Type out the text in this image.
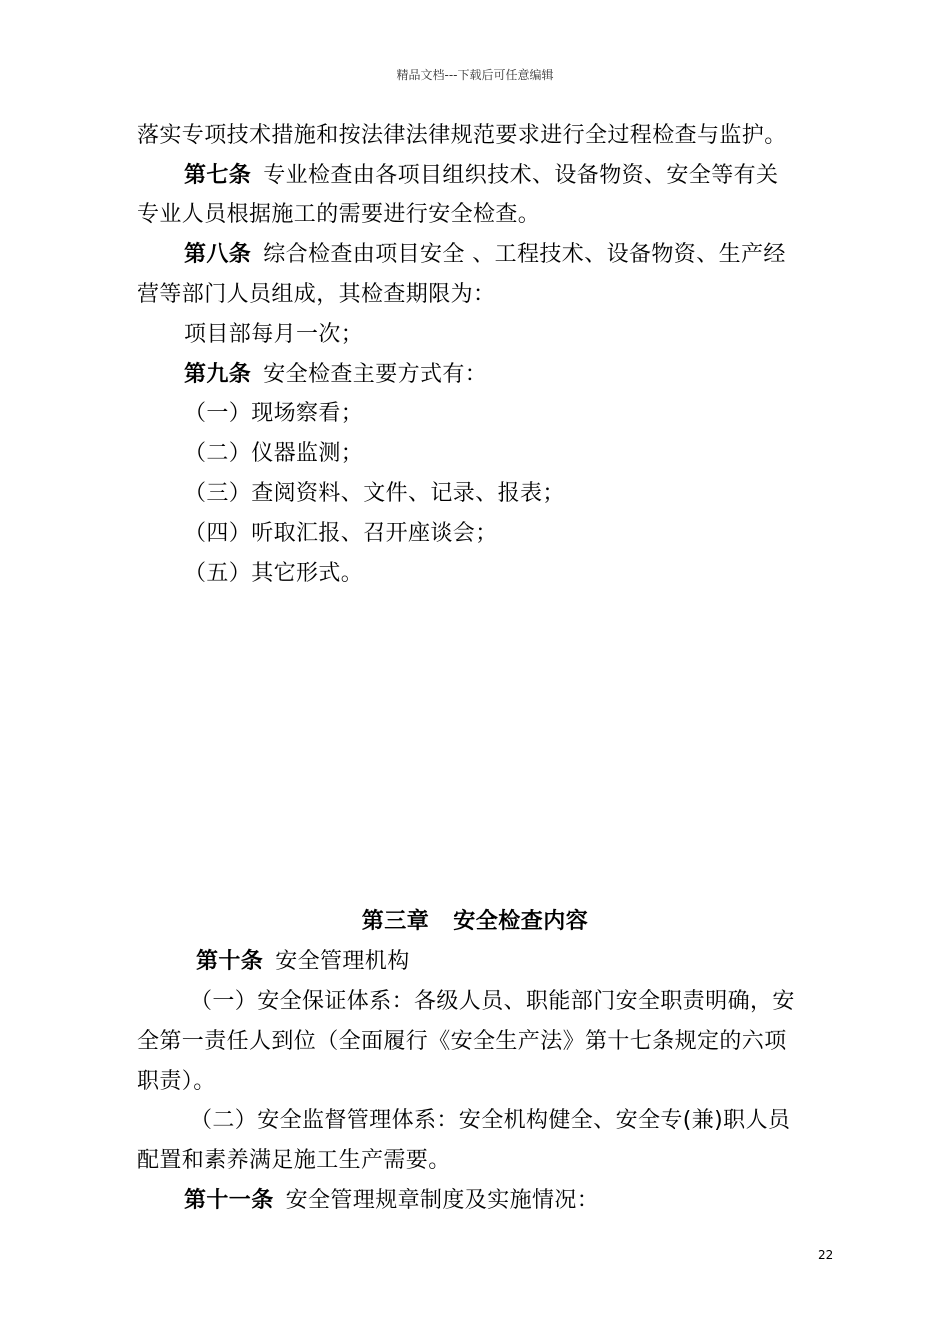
精品文档---下载后可任意编辑
落实专项技术措施和按法律法律规范要求进行全过程检查与监护。
第七条 专业检查由各项目组织技术、设备物资、安全等有关
专业人员根据施工的需要进行安全检查。
第八条 综合检查由项目安全 、工程技术、设备物资、生产经
营等部门人员组成，其检查期限为：
项目部每月一次；
第九条 安全检查主要方式有：
（一）现场察看；
（二）仪器监测；
（三）查阅资料、文件、记录、报表；
（四）听取汇报、召开座谈会；
（五）其它形式。
第三章 安全检查内容
第十条 安全管理机构
（一）安全保证体系：各级人员、职能部门安全职责明确，安
全第一责任人到位（全面履行《安全生产法》第十七条规定的六项
职责）。
（二）安全监督管理体系：安全机构健全、安全专(兼)职人员
配置和素养满足施工生产需要。
第十一条 安全管理规章制度及实施情况：
22
